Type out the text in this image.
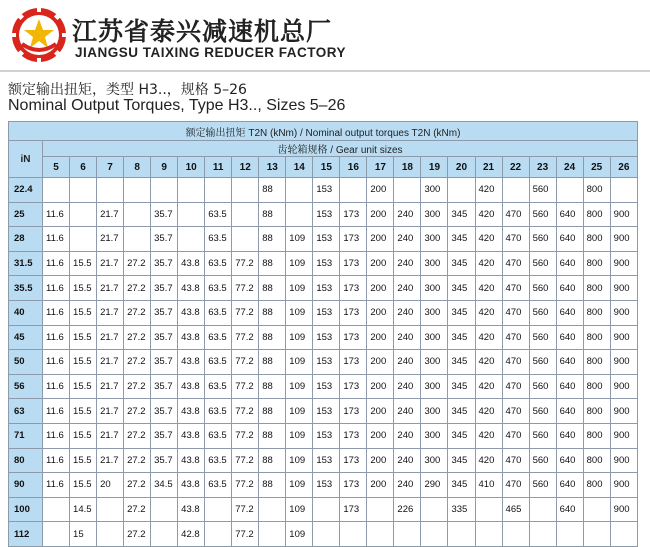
江苏省泰兴减速机总厂
JIANGSU TAIXING REDUCER FACTORY
额定输出扭矩，类型 H3..，规格 5–26
Nominal Output Torques, Type H3.., Sizes 5–26
额定输出扭矩 T2N (kNm) / Nominal output torques T2N (kNm)																						
iN	齿轮箱规格 / Gear unit sizes																					
	5	6	7	8	9	10	11	12	13	14	15	16	17	18	19	20	21	22	23	24	25	26
22.4									88		153		200		300		420		560		800	
25	11.6		21.7		35.7		63.5		88		153	173	200	240	300	345	420	470	560	640	800	900
28	11.6		21.7		35.7		63.5		88	109	153	173	200	240	300	345	420	470	560	640	800	900
31.5	11.6	15.5	21.7	27.2	35.7	43.8	63.5	77.2	88	109	153	173	200	240	300	345	420	470	560	640	800	900
35.5	11.6	15.5	21.7	27.2	35.7	43.8	63.5	77.2	88	109	153	173	200	240	300	345	420	470	560	640	800	900
40	11.6	15.5	21.7	27.2	35.7	43.8	63.5	77.2	88	109	153	173	200	240	300	345	420	470	560	640	800	900
45	11.6	15.5	21.7	27.2	35.7	43.8	63.5	77.2	88	109	153	173	200	240	300	345	420	470	560	640	800	900
50	11.6	15.5	21.7	27.2	35.7	43.8	63.5	77.2	88	109	153	173	200	240	300	345	420	470	560	640	800	900
56	11.6	15.5	21.7	27.2	35.7	43.8	63.5	77.2	88	109	153	173	200	240	300	345	420	470	560	640	800	900
63	11.6	15.5	21.7	27.2	35.7	43.8	63.5	77.2	88	109	153	173	200	240	300	345	420	470	560	640	800	900
71	11.6	15.5	21.7	27.2	35.7	43.8	63.5	77.2	88	109	153	173	200	240	300	345	420	470	560	640	800	900
80	11.6	15.5	21.7	27.2	35.7	43.8	63.5	77.2	88	109	153	173	200	240	300	345	420	470	560	640	800	900
90	11.6	15.5	20	27.2	34.5	43.8	63.5	77.2	88	109	153	173	200	240	290	345	410	470	560	640	800	900
100		14.5		27.2		43.8		77.2		109		173		226		335		465		640		900
112		15		27.2		42.8		77.2		109												
